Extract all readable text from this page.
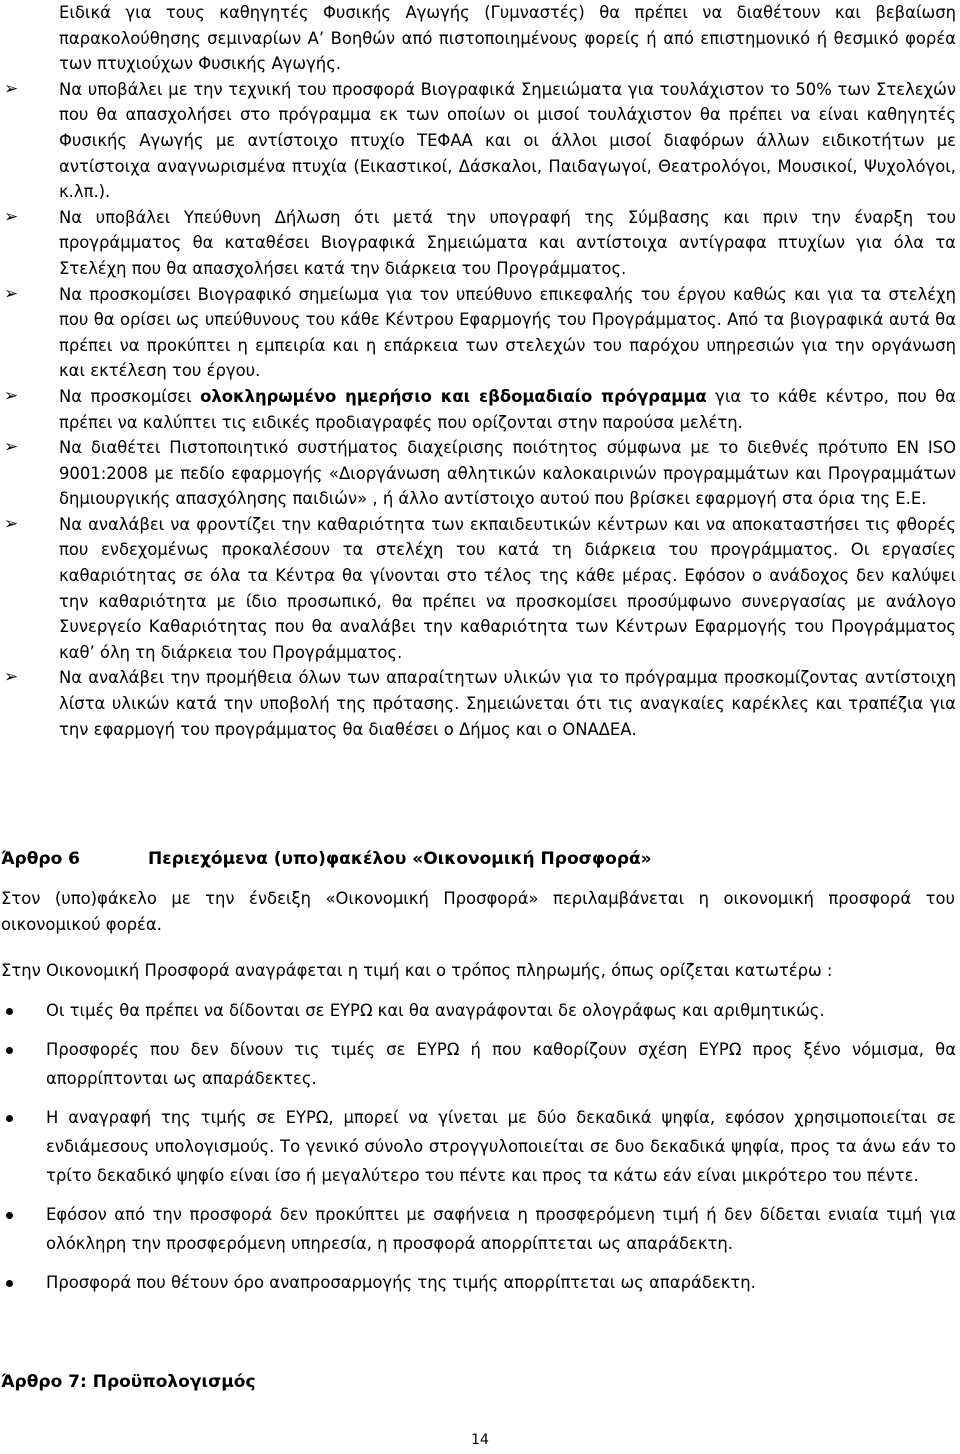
Ειδικά για τους καθηγητές Φυσικής Αγωγής (Γυμναστές) θα πρέπει να διαθέτουν και βεβαίωση παρακολούθησης σεμιναρίων Α’ Βοηθών από πιστοποιημένους φορείς ή από επιστημονικό ή θεσμικό φορέα των πτυχιούχων Φυσικής Αγωγής.
➢ Να υποβάλει με την τεχνική του προσφορά Βιογραφικά Σημειώματα για τουλάχιστον το 50% των Στελεχών που θα απασχολήσει στο πρόγραμμα εκ των οποίων οι μισοί τουλάχιστον θα πρέπει να είναι καθηγητές Φυσικής Αγωγής με αντίστοιχο πτυχίο ΤΕΦΑΑ και οι άλλοι μισοί διαφόρων άλλων ειδικοτήτων με αντίστοιχα αναγνωρισμένα πτυχία (Εικαστικοί, Δάσκαλοι, Παιδαγωγοί, Θεατρολόγοι, Μουσικοί, Ψυχολόγοι, κ.λπ.).
➢ Να υποβάλει Υπεύθυνη Δήλωση ότι μετά την υπογραφή της Σύμβασης και πριν την έναρξη του προγράμματος θα καταθέσει Βιογραφικά Σημειώματα και αντίστοιχα αντίγραφα πτυχίων για όλα τα Στελέχη που θα απασχολήσει κατά την διάρκεια του Προγράμματος.
➢ Να προσκομίσει Βιογραφικό σημείωμα για τον υπεύθυνο επικεφαλής του έργου καθώς και για τα στελέχη που θα ορίσει ως υπεύθυνους του κάθε Κέντρου Εφαρμογής του Προγράμματος. Από τα βιογραφικά αυτά θα πρέπει να προκύπτει η εμπειρία και η επάρκεια των στελεχών του παρόχου υπηρεσιών για την οργάνωση και εκτέλεση του έργου.
➢ Να προσκομίσει ολοκληρωμένο ημερήσιο και εβδομαδιαίο πρόγραμμα για το κάθε κέντρο, που θα πρέπει να καλύπτει τις ειδικές προδιαγραφές που ορίζονται στην παρούσα μελέτη.
➢ Να διαθέτει Πιστοποιητικό συστήματος διαχείρισης ποιότητος σύμφωνα με το διεθνές πρότυπο EN ISO 9001:2008 με πεδίο εφαρμογής «Διοργάνωση αθλητικών καλοκαιρινών προγραμμάτων και Προγραμμάτων δημιουργικής απασχόλησης παιδιών» , ή άλλο αντίστοιχο αυτού που βρίσκει εφαρμογή στα όρια της Ε.Ε.
➢ Να αναλάβει να φροντίζει την καθαριότητα των εκπαιδευτικών κέντρων και να αποκαταστήσει τις φθορές που ενδεχομένως προκαλέσουν τα στελέχη του κατά τη διάρκεια του προγράμματος. Οι εργασίες καθαριότητας σε όλα τα Κέντρα θα γίνονται στο τέλος της κάθε μέρας. Εφόσον ο ανάδοχος δεν καλύψει την καθαριότητα με ίδιο προσωπικό, θα πρέπει να προσκομίσει προσύμφωνο συνεργασίας με ανάλογο Συνεργείο Καθαριότητας που θα αναλάβει την καθαριότητα των Κέντρων Εφαρμογής του Προγράμματος καθ’ όλη τη διάρκεια του Προγράμματος.
➢ Να αναλάβει την προμήθεια όλων των απαραίτητων υλικών για το πρόγραμμα προσκομίζοντας αντίστοιχη λίστα υλικών κατά την υποβολή της πρότασης. Σημειώνεται ότι τις αναγκαίες καρέκλες και τραπέζια για την εφαρμογή του προγράμματος θα διαθέσει ο Δήμος και ο ΟΝΑΔΕΑ.
Άρθρο 6	Περιεχόμενα (υπο)φακέλου «Οικονομική Προσφορά»
Στον (υπο)φάκελο με την ένδειξη «Οικονομική Προσφορά» περιλαμβάνεται η οικονομική προσφορά του οικονομικού φορέα.
Στην Οικονομική Προσφορά αναγράφεται η τιμή και ο τρόπος πληρωμής, όπως ορίζεται κατωτέρω :
Οι τιμές θα πρέπει να δίδονται σε ΕΥΡΩ και θα αναγράφονται δε ολογράφως και αριθμητικώς.
Προσφορές που δεν δίνουν τις τιμές σε ΕΥΡΩ ή που καθορίζουν σχέση ΕΥΡΩ προς ξένο νόμισμα, θα απορρίπτονται ως απαράδεκτες.
Η αναγραφή της τιμής σε ΕΥΡΩ, μπορεί να γίνεται με δύο δεκαδικά ψηφία, εφόσον χρησιμοποιείται σε ενδιάμεσους υπολογισμούς. Το γενικό σύνολο στρογγυλοποιείται σε δυο δεκαδικά ψηφία, προς τα άνω εάν το τρίτο δεκαδικό ψηφίο είναι ίσο ή μεγαλύτερο του πέντε και προς τα κάτω εάν είναι μικρότερο του πέντε.
Εφόσον από την προσφορά δεν προκύπτει με σαφήνεια η προσφερόμενη τιμή ή δεν δίδεται ενιαία τιμή για ολόκληρη την προσφερόμενη υπηρεσία, η προσφορά απορρίπτεται ως απαράδεκτη.
Προσφορά που θέτουν όρο αναπροσαρμογής της τιμής απορρίπτεται ως απαράδεκτη.
Άρθρο 7: Προϋπολογισμός
14
